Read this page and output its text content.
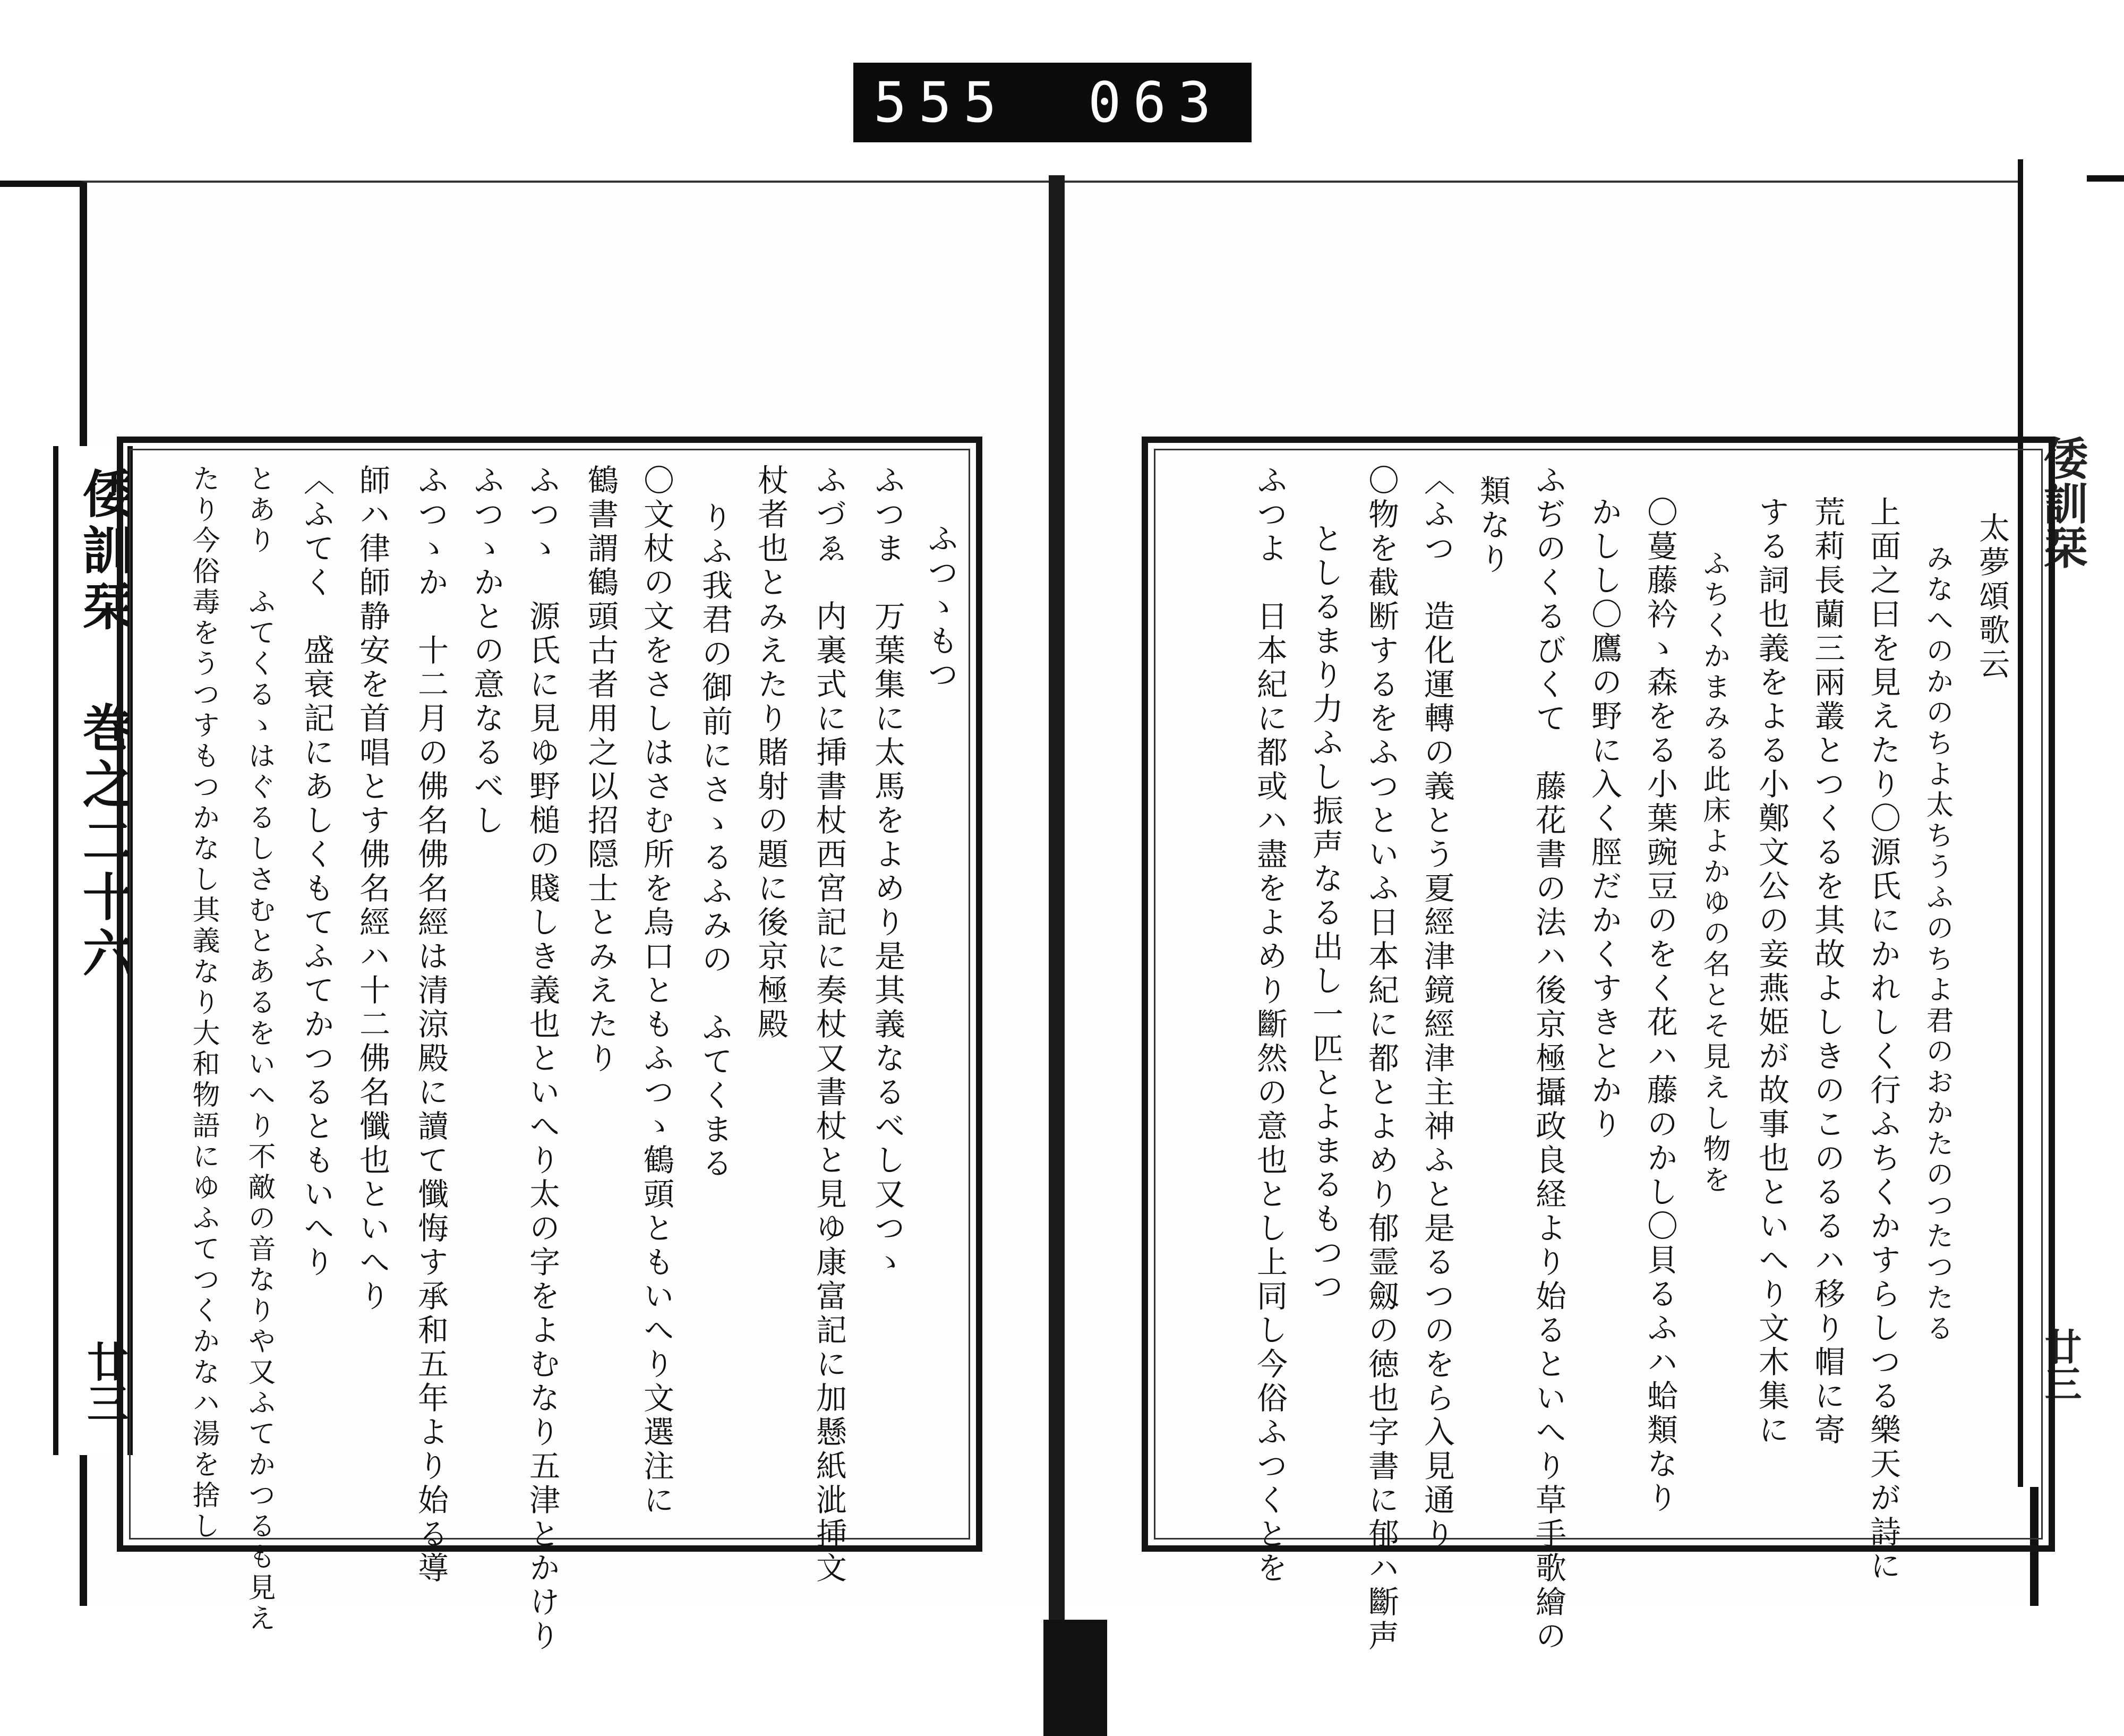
555 063
倭訓栞 巻之二十六
廿三
倭訓栞
廿三
ふつゝもつ
ふつま　万葉集に太馬をよめり是其義なるべし又つゝ
ふづゑ　内裏式に挿書杖西宮記に奏杖又書杖と見ゆ康富記に加懸紙泚挿文
杖者也とみえたり賭射の題に後京極殿
りふ我君の御前にさゝるふみの　ふてくまる
〇文杖の文をさしはさむ所を烏口ともふつゝ鶴頭ともいへり文選注に
鶴書謂鶴頭古者用之以招隠士とみえたり
ふつゝ　源氏に見ゆ野槌の賤しき義也といへり太の字をよむなり五津とかけり
ふつゝかとの意なるべし
ふつゝか　十二月の佛名佛名經は清涼殿に讀て懺悔す承和五年より始る導
師ハ律師静安を首唱とす佛名經ハ十二佛名懺也といへり
〈ふてく　盛衰記にあしくもてふてかつるともいへり
とあり　ふてくるゝはぐるしさむとあるをいへり不敵の音なりや又ふてかつるも見え
たり今俗毒をうつすもつかなし其義なり大和物語にゆふてつくかなハ湯を捨し	太夢頌歌云
みなへのかのちよ太ちうふのちよ君のおかたのつたつたる
上面之曰を見えたり〇源氏にかれしく行ふちくかすらしつる樂天が詩に
荒莉長蘭三兩叢とつくるを其故よしきのこのるるハ移り帽に寄
する詞也義をよる小鄭文公の妾燕姫が故事也といへり文木集に
ふちくかまみる此床よかゆの名とそ見えし物を
〇蔓藤衿ゝ森をる小葉豌豆のをく花ハ藤のかし〇貝るふハ蛤類なり
かしし〇鷹の野に入く脛だかくすきとかり
ふぢのくるびくて　藤花書の法ハ後京極攝政良経より始るといへり草手歌繪の
類なり
〈ふつ　造化運轉の義とう夏經津鏡經津主神ふと是るつのをら入見通り
〇物を截断するをふつといふ日本紀に都とよめり郁霊劔の徳也字書に郁ハ斷声
としるまり力ふし振声なる出し一匹とよまるもつつ
ふつよ　日本紀に都或ハ盡をよめり斷然の意也とし上同し今俗ふつくとを
